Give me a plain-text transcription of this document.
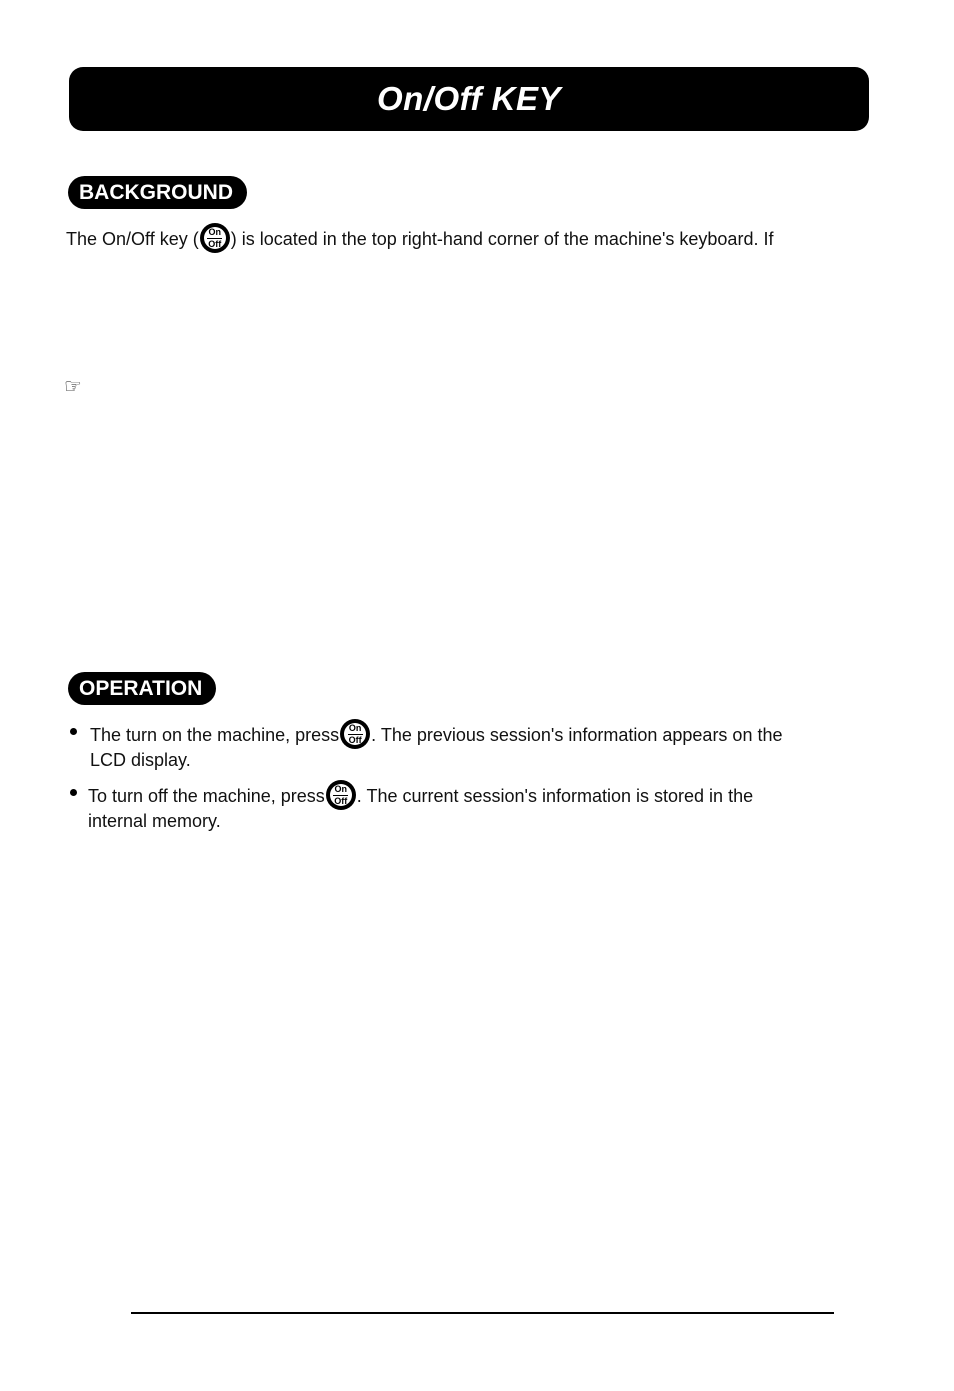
On/Off KEY
BACKGROUND
The On/Off key ( On
Off ) is located in the top right-hand corner of the machine's keyboard. If
☞
OPERATION
The turn on the machine, press On
Off . The previous session's information appears on the
LCD display.
To turn off the machine, press On
Off . The current session's information is stored in the
internal memory.
